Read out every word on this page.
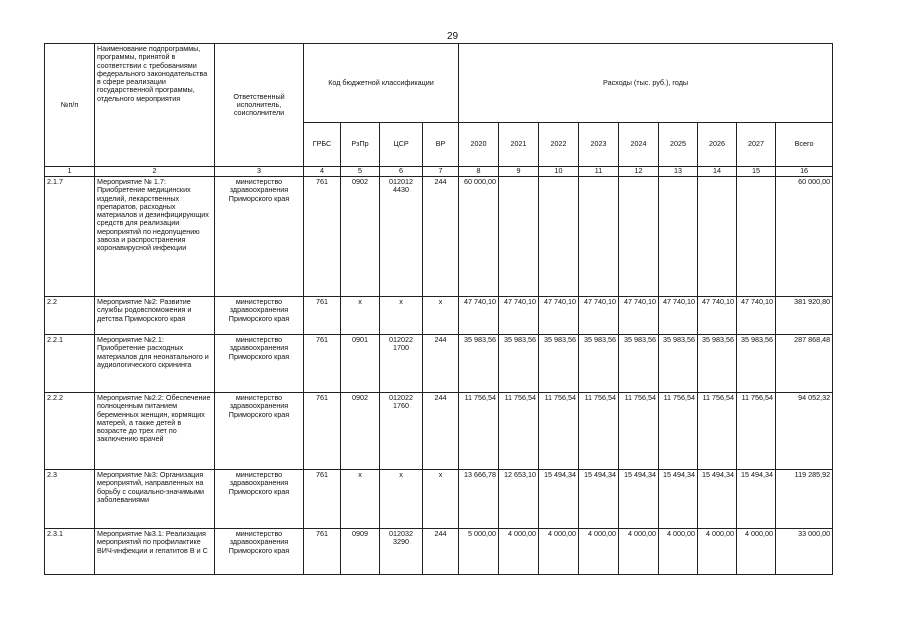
29
№п/п	Наименование подпрограммы, программы, принятой в соответствии с требованиями федерального законодательства в сфере реализации государственной программы, отдельного мероприятия	Ответственный исполнитель, соисполнители	Код бюджетной классификации				Расходы (тыс. руб.), годы								
			ГРБС	РзПр	ЦСР	ВР	2020	2021	2022	2023	2024	2025	2026	2027	Всего
1	2	3	4	5	6	7	8	9	10	11	12	13	14	15	16
2.1.7	Мероприятие № 1.7: Приобретение медицинских изделий, лекарственных препаратов, расходных материалов и дезинфицирующих средств для реализации мероприятий по недопущению завоза и распространения коронавирусной инфекции	министерство здравоохранения Приморского края	761	0902	012012 4430	244	60 000,00								60 000,00
2.2	Мероприятие №2: Развитие службы родовспоможения и детства Приморского края	министерство здравоохранения Приморского края	761	х	х	х	47 740,10	47 740,10	47 740,10	47 740,10	47 740,10	47 740,10	47 740,10	47 740,10	381 920,80
2.2.1	Мероприятие №2.1: Приобретение расходных материалов для неонатального и аудиологического скрининга	министерство здравоохранения Приморского края	761	0901	012022 1700	244	35 983,56	35 983,56	35 983,56	35 983,56	35 983,56	35 983,56	35 983,56	35 983,56	287 868,48
2.2.2	Мероприятие №2.2: Обеспечение полноценным питанием беременных женщин, кормящих матерей, а также детей в возрасте до трех лет по заключению врачей	министерство здравоохранения Приморского края	761	0902	012022 1760	244	11 756,54	11 756,54	11 756,54	11 756,54	11 756,54	11 756,54	11 756,54	11 756,54	94 052,32
2.3	Мероприятие №3: Организация мероприятий, направленных на борьбу с социально-значимыми заболеваниями	министерство здравоохранения Приморского края	761	х	х	х	13 666,78	12 653,10	15 494,34	15 494,34	15 494,34	15 494,34	15 494,34	15 494,34	119 285,92
2.3.1	Мероприятие №3.1: Реализация мероприятий по профилактике ВИЧ-инфекции и гепатитов В и С	министерство здравоохранения Приморского края	761	0909	012032 3290	244	5 000,00	4 000,00	4 000,00	4 000,00	4 000,00	4 000,00	4 000,00	4 000,00	33 000,00
